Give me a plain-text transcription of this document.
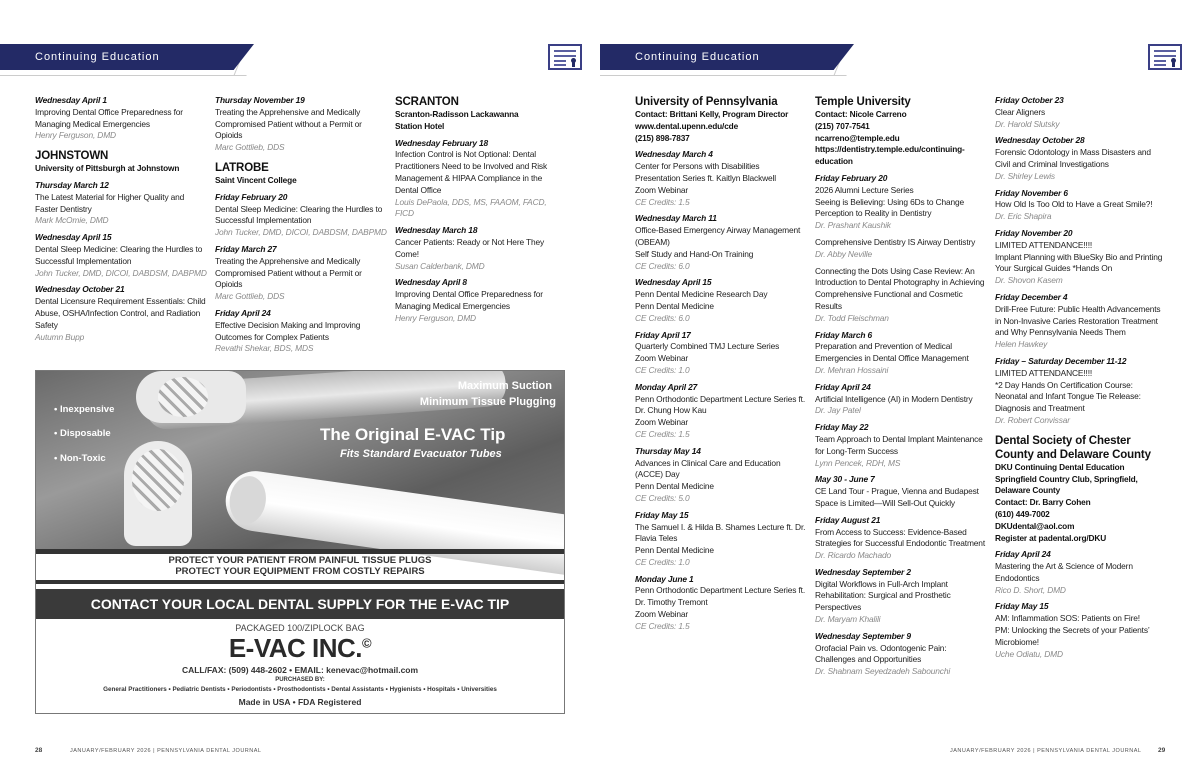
Continuing Education
Wednesday April 1
Improving Dental Office Preparedness for Managing Medical Emergencies
Henry Ferguson, DMD
JOHNSTOWN
University of Pittsburgh at Johnstown
Thursday March 12
The Latest Material for Higher Quality and Faster Dentistry
Mark McOmie, DMD
Wednesday April 15
Dental Sleep Medicine: Clearing the Hurdles to Successful Implementation
John Tucker, DMD, DICOI, DABDSM, DABPMD
Wednesday October 21
Dental Licensure Requirement Essentials: Child Abuse, OSHA/Infection Control, and Radiation Safety
Autumn Bupp
Thursday November 19
Treating the Apprehensive and Medically Compromised Patient without a Permit or Opioids
Marc Gottlieb, DDS
LATROBE
Saint Vincent College
Friday February 20
Dental Sleep Medicine: Clearing the Hurdles to Successful Implementation
John Tucker, DMD, DICOI, DABDSM, DABPMD
Friday March 27
Treating the Apprehensive and Medically Compromised Patient without a Permit or Opioids
Marc Gottlieb, DDS
Friday April 24
Effective Decision Making and Improving Outcomes for Complex Patients
Revathi Shekar, BDS, MDS
SCRANTON
Scranton-Radisson Lackawanna
Station Hotel
Wednesday February 18
Infection Control is Not Optional: Dental Practitioners Need to be Involved and Risk Management & HIPAA Compliance in the Dental Office
Louis DePaola, DDS, MS, FAAOM, FACD, FICD
Wednesday March 18
Cancer Patients: Ready or Not Here They Come!
Susan Calderbank, DMD
Wednesday April 8
Improving Dental Office Preparedness for Managing Medical Emergencies
Henry Ferguson, DMD
• Inexpensive
• Disposable
• Non-Toxic
Maximum Suction
Minimum Tissue Plugging
The Original E-VAC Tip
Fits Standard Evacuator Tubes
PROTECT YOUR PATIENT FROM PAINFUL TISSUE PLUGS
PROTECT YOUR EQUIPMENT FROM COSTLY REPAIRS
CONTACT YOUR LOCAL DENTAL SUPPLY FOR THE E-VAC TIP
PACKAGED 100/ZIPLOCK BAG
E-VAC INC.©
CALL/FAX: (509) 448-2602 • EMAIL: kenevac@hotmail.com
PURCHASED BY:
General Practitioners • Pediatric Dentists • Periodontists • Prosthodontists • Dental Assistants • Hygienists • Hospitals • Universities
Made in USA • FDA Registered
28	JANUARY/FEBRUARY 2026 | PENNSYLVANIA DENTAL JOURNAL
Continuing Education
University of Pennsylvania
Contact: Brittani Kelly, Program Director
www.dental.upenn.edu/cde
(215) 898-7837
Wednesday March 4
Center for Persons with Disabilities
Presentation Series ft. Kaitlyn Blackwell
Zoom Webinar
CE Credits: 1.5
Wednesday March 11
Office-Based Emergency Airway Management (OBEAM)
Self Study and Hand-On Training
CE Credits: 6.0
Wednesday April 15
Penn Dental Medicine Research Day
Penn Dental Medicine
CE Credits: 6.0
Friday April 17
Quarterly Combined TMJ Lecture Series
Zoom Webinar
CE Credits: 1.0
Monday April 27
Penn Orthodontic Department Lecture Series ft. Dr. Chung How Kau
Zoom Webinar
CE Credits: 1.5
Thursday May 14
Advances in Clinical Care and Education (ACCE) Day
Penn Dental Medicine
CE Credits: 5.0
Friday May 15
The Samuel I. & Hilda B. Shames Lecture ft. Dr. Flavia Teles
Penn Dental Medicine
CE Credits: 1.0
Monday June 1
Penn Orthodontic Department Lecture Series ft. Dr. Timothy Tremont
Zoom Webinar
CE Credits: 1.5
Temple University
Contact: Nicole Carreno
(215) 707-7541
ncarreno@temple.edu
https://dentistry.temple.edu/continuing-education
Friday February 20
2026 Alumni Lecture Series
Seeing is Believing: Using 6Ds to Change Perception to Reality in Dentistry
Dr. Prashant Kaushik
Comprehensive Dentistry IS Airway Dentistry
Dr. Abby Neville
Connecting the Dots Using Case Review: An Introduction to Dental Photography in Achieving Comprehensive Functional and Cosmetic Results
Dr. Todd Fleischman
Friday March 6
Preparation and Prevention of Medical Emergencies in Dental Office Management
Dr. Mehran Hossaini
Friday April 24
Artificial Intelligence (AI) in Modern Dentistry
Dr. Jay Patel
Friday May 22
Team Approach to Dental Implant Maintenance for Long-Term Success
Lynn Pencek, RDH, MS
May 30 - June 7
CE Land Tour - Prague, Vienna and Budapest
Space is Limited—Will Sell-Out Quickly
Friday August 21
From Access to Success: Evidence-Based Strategies for Successful Endodontic Treatment
Dr. Ricardo Machado
Wednesday September 2
Digital Workflows in Full-Arch Implant Rehabilitation: Surgical and Prosthetic Perspectives
Dr. Maryam Khalili
Wednesday September 9
Orofacial Pain vs. Odontogenic Pain: Challenges and Opportunities
Dr. Shabnam Seyedzadeh Sabounchi
Friday October 23
Clear Aligners
Dr. Harold Slutsky
Wednesday October 28
Forensic Odontology in Mass Disasters and Civil and Criminal Investigations
Dr. Shirley Lewis
Friday November 6
How Old Is Too Old to Have a Great Smile?!
Dr. Eric Shapira
Friday November 20
LIMITED ATTENDANCE!!!!
Implant Planning with BlueSky Bio and Printing Your Surgical Guides *Hands On
Dr. Shovon Kasem
Friday December 4
Drill-Free Future: Public Health Advancements in Non-Invasive Caries Restoration Treatment and Why Pennsylvania Needs Them
Helen Hawkey
Friday – Saturday December 11-12
LIMITED ATTENDANCE!!!!
*2 Day Hands On Certification Course: Neonatal and Infant Tongue Tie Release: Diagnosis and Treatment
Dr. Robert Convissar
Dental Society of Chester County and Delaware County
DKU Continuing Dental Education
Springfield Country Club, Springfield, Delaware County
Contact: Dr. Barry Cohen
(610) 449-7002
DKUdental@aol.com
Register at padental.org/DKU
Friday April 24
Mastering the Art & Science of Modern Endodontics
Rico D. Short, DMD
Friday May 15
AM: Inflammation SOS: Patients on Fire!
PM: Unlocking the Secrets of your Patients’ Microbiome!
Uche Odiatu, DMD
JANUARY/FEBRUARY 2026 | PENNSYLVANIA DENTAL JOURNAL	29
